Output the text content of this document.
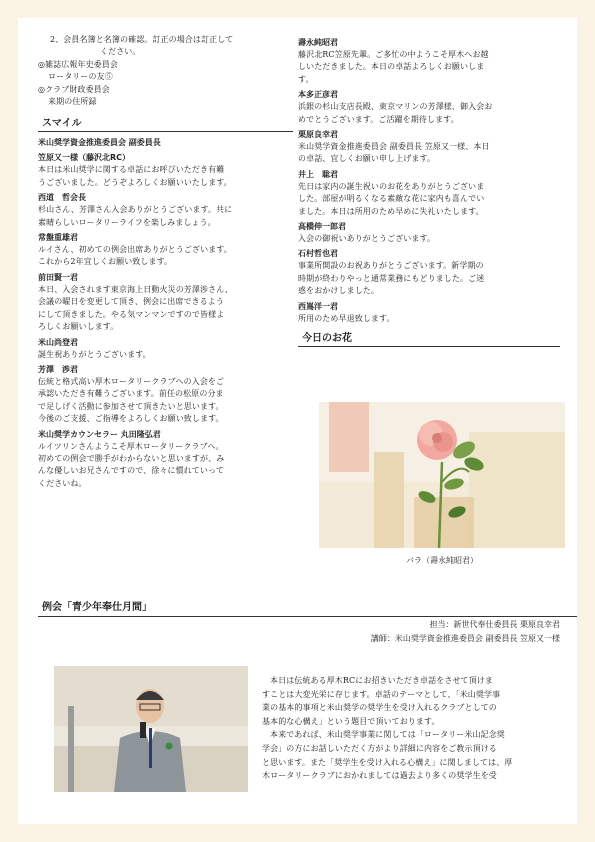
2、会員名簿と名簿の確認。訂正の場合は訂正して

ください。

◎雑誌広報年史委員会

ロータリーの友⑤

◎クラブ財政委員会

来期の住所録

スマイル

米山奨学資金推進委員会 副委員長

笠原又一様（藤沢北RC）

本日は米山奨学に関する卓話にお呼びいただき有難

うございました。どうぞよろしくお願いいたします。

西道　哲会長

杉山さん、芳澤さん入会ありがとうございます。共に

素晴らしいロータリーライフを楽しみましょう。

常盤重雄君

ルイさん、初めての例会出席ありがとうございます。

これから2年宜しくお願い致します。

前田賢一君

本日、入会されます東京海上日動火災の芳澤渉さん、

会議の曜日を変更して頂き、例会に出席できるよう

にして頂きました。やる気マンマンですので皆様よ

ろしくお願いします。

米山尚登君

誕生祝ありがとうございます。

芳澤　渉君

伝統と格式高い厚木ロータリークラブへの入会をご

承認いただき有難うございます。前任の松原の分ま

で足しげく活動に参加させて頂きたいと思います。

今後のご支援、ご指導をよろしくお願い致します。

米山奨学カウンセラー 丸田隆弘君

ルイツリンさんようこそ厚木ロータリークラブへ。

初めての例会で勝手がわからないと思いますが、み

んな優しいお兄さんですので、徐々に慣れていって

くださいね。

壽永純昭君

藤沢北RC笠原先輩。ご多忙の中ようこそ厚木へお越

しいただきました。本日の卓話よろしくお願いしま

す。

本多正彦君

浜銀の杉山支店長殿、東京マリンの芳澤様、御入会お

めでとうございます。ご活躍を期待します。

栗原良幸君

米山奨学資金推進委員会 副委員長 笠原又一様、本日

の卓話、宜しくお願い申し上げます。

井上　聡君

先日は家内の誕生祝いのお花をありがとうございま

した。部屋が明るくなる素敵な花に家内も喜んでい

ました。本日は所用のため早めに失礼いたします。

高橋伸一郎君

入会の御祝いありがとうございます。

石村哲也君

事業所開設のお祝ありがとうございます。新学期の

時期が終わりやっと通常業務にもどりました。ご迷

惑をおかけしました。

西嶌洋一君

所用のため早退致します。

今日のお花
バラ（壽永純昭君）
例会「青少年奉仕月間」
担当：新世代奉仕委員長 栗原良幸君
講師：米山奨学資金推進委員会 副委員長 笠原又一様

本日は伝統ある厚木RCにお招きいただき卓話をさせて頂けま

すことは大変光栄に存じます。卓話のテーマとして、「米山奨学事

業の基本的事項と米山奨学の奨学生を受け入れるクラブとしての

基本的な心構え」という題目で頂いております。

本来であれば、米山奨学事業に関しては「ロータリー米山記念奨

学会」の方にお話しいただく方がより詳細に内容をご教示頂ける

と思います。また「奨学生を受け入れる心構え」に関しましては、厚

木ロータリークラブにおかれましては過去より多くの奨学生を受
